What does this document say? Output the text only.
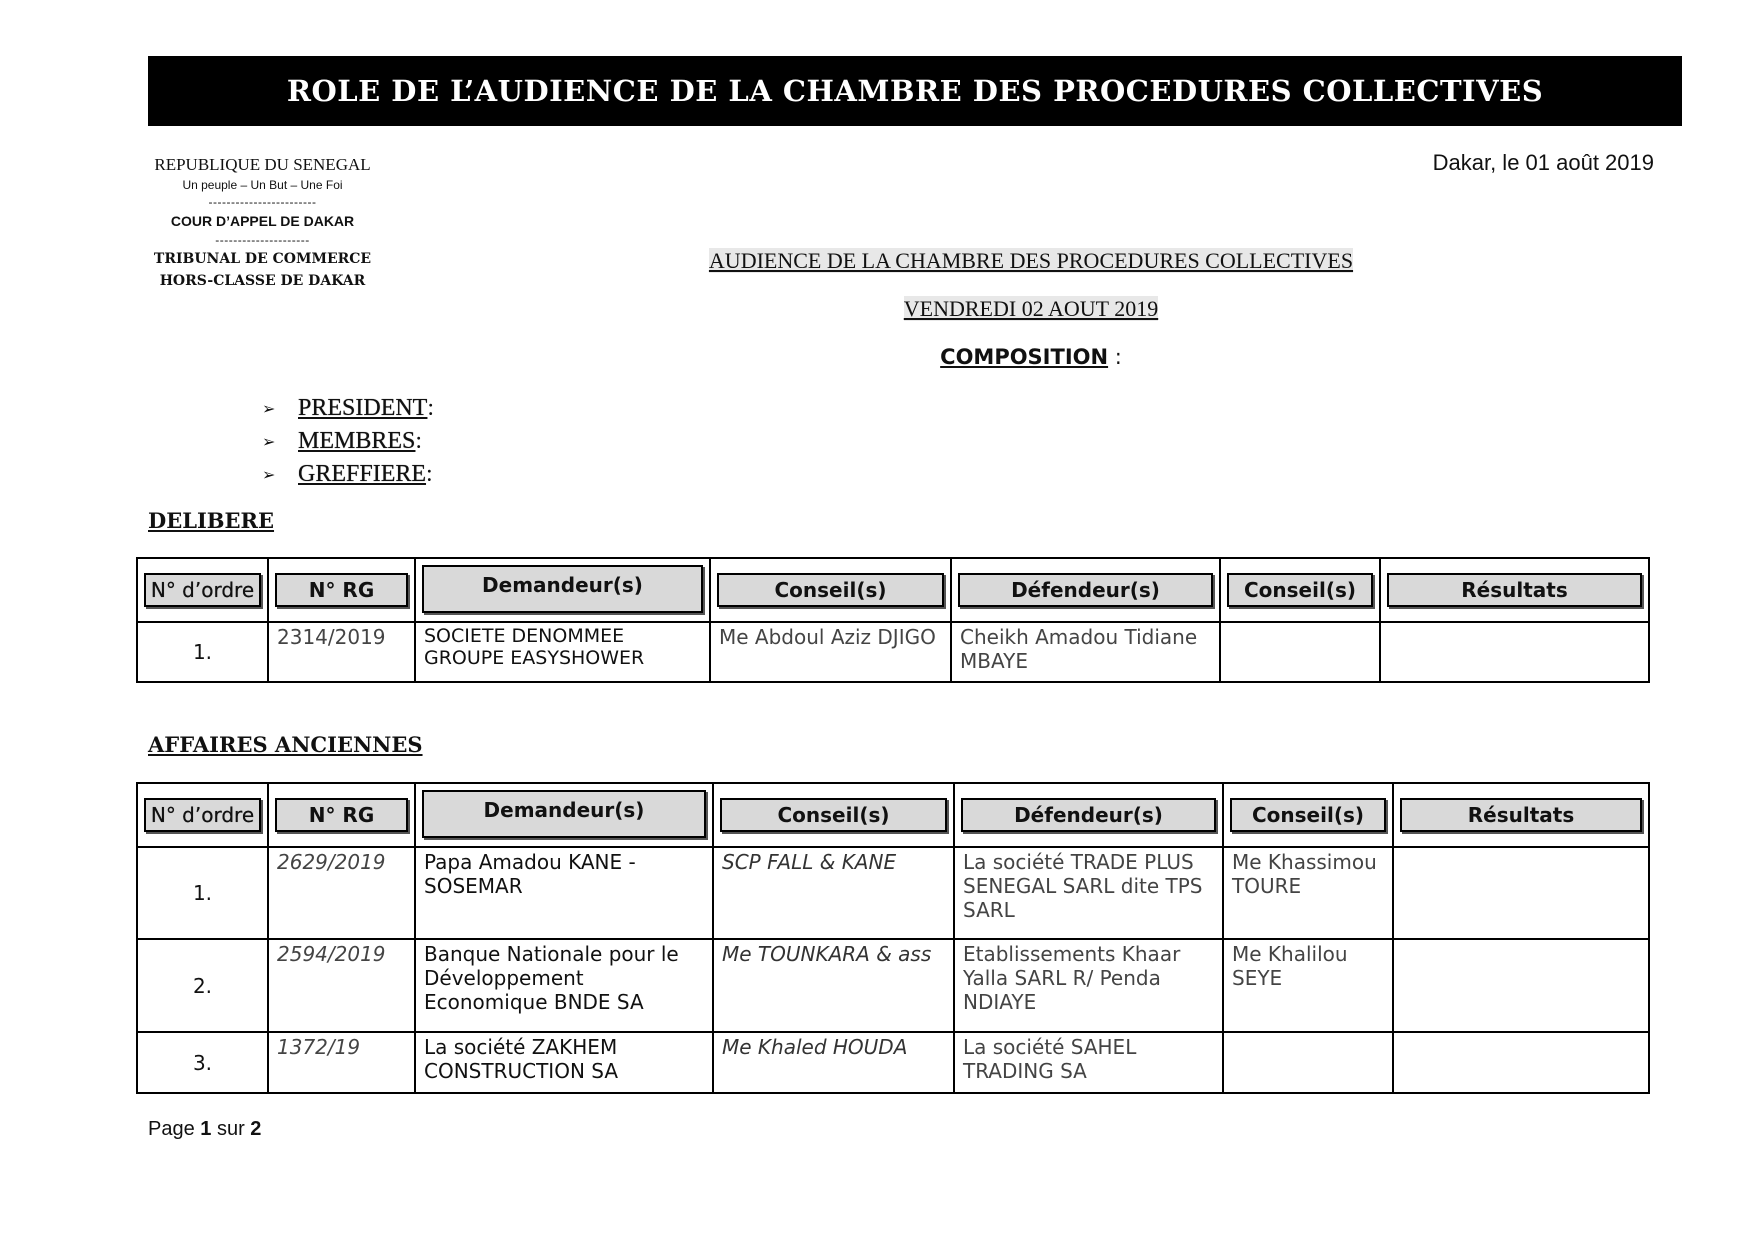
ROLE DE L’AUDIENCE DE LA CHAMBRE DES PROCEDURES COLLECTIVES
REPUBLIQUE DU SENEGAL
Un peuple – Un But – Une Foi
------------------------
COUR D’APPEL DE DAKAR
---------------------
TRIBUNAL DE COMMERCE
HORS-CLASSE DE DAKAR
Dakar, le 01 août 2019
AUDIENCE DE LA CHAMBRE DES PROCEDURES COLLECTIVES
VENDREDI 02 AOUT 2019
COMPOSITION :
➢ PRESIDENT :
➢ MEMBRES :
➢ GREFFIERE :
DELIBERE
N° d’ordre	N° RG	Demandeur(s)	Conseil(s)	Défendeur(s)	Conseil(s)	Résultats

1.	2314/2019	SOCIETE DENOMMEE GROUPE EASYSHOWER	Me Abdoul Aziz DJIGO	Cheikh Amadou Tidiane MBAYE		
AFFAIRES ANCIENNES
N° d’ordre	N° RG	Demandeur(s)	Conseil(s)	Défendeur(s)	Conseil(s)	Résultats

1.	2629/2019	Papa Amadou KANE - SOSEMAR	SCP FALL & KANE	La société TRADE PLUS SENEGAL SARL dite TPS SARL	Me Khassimou TOURE	
2.	2594/2019	Banque Nationale pour le Développement Economique BNDE SA	Me TOUNKARA & ass	Etablissements Khaar Yalla SARL R/ Penda NDIAYE	Me Khalilou SEYE	
3.	1372/19	La société ZAKHEM CONSTRUCTION SA	Me Khaled HOUDA	La société SAHEL TRADING SA		
Page 1 sur 2
